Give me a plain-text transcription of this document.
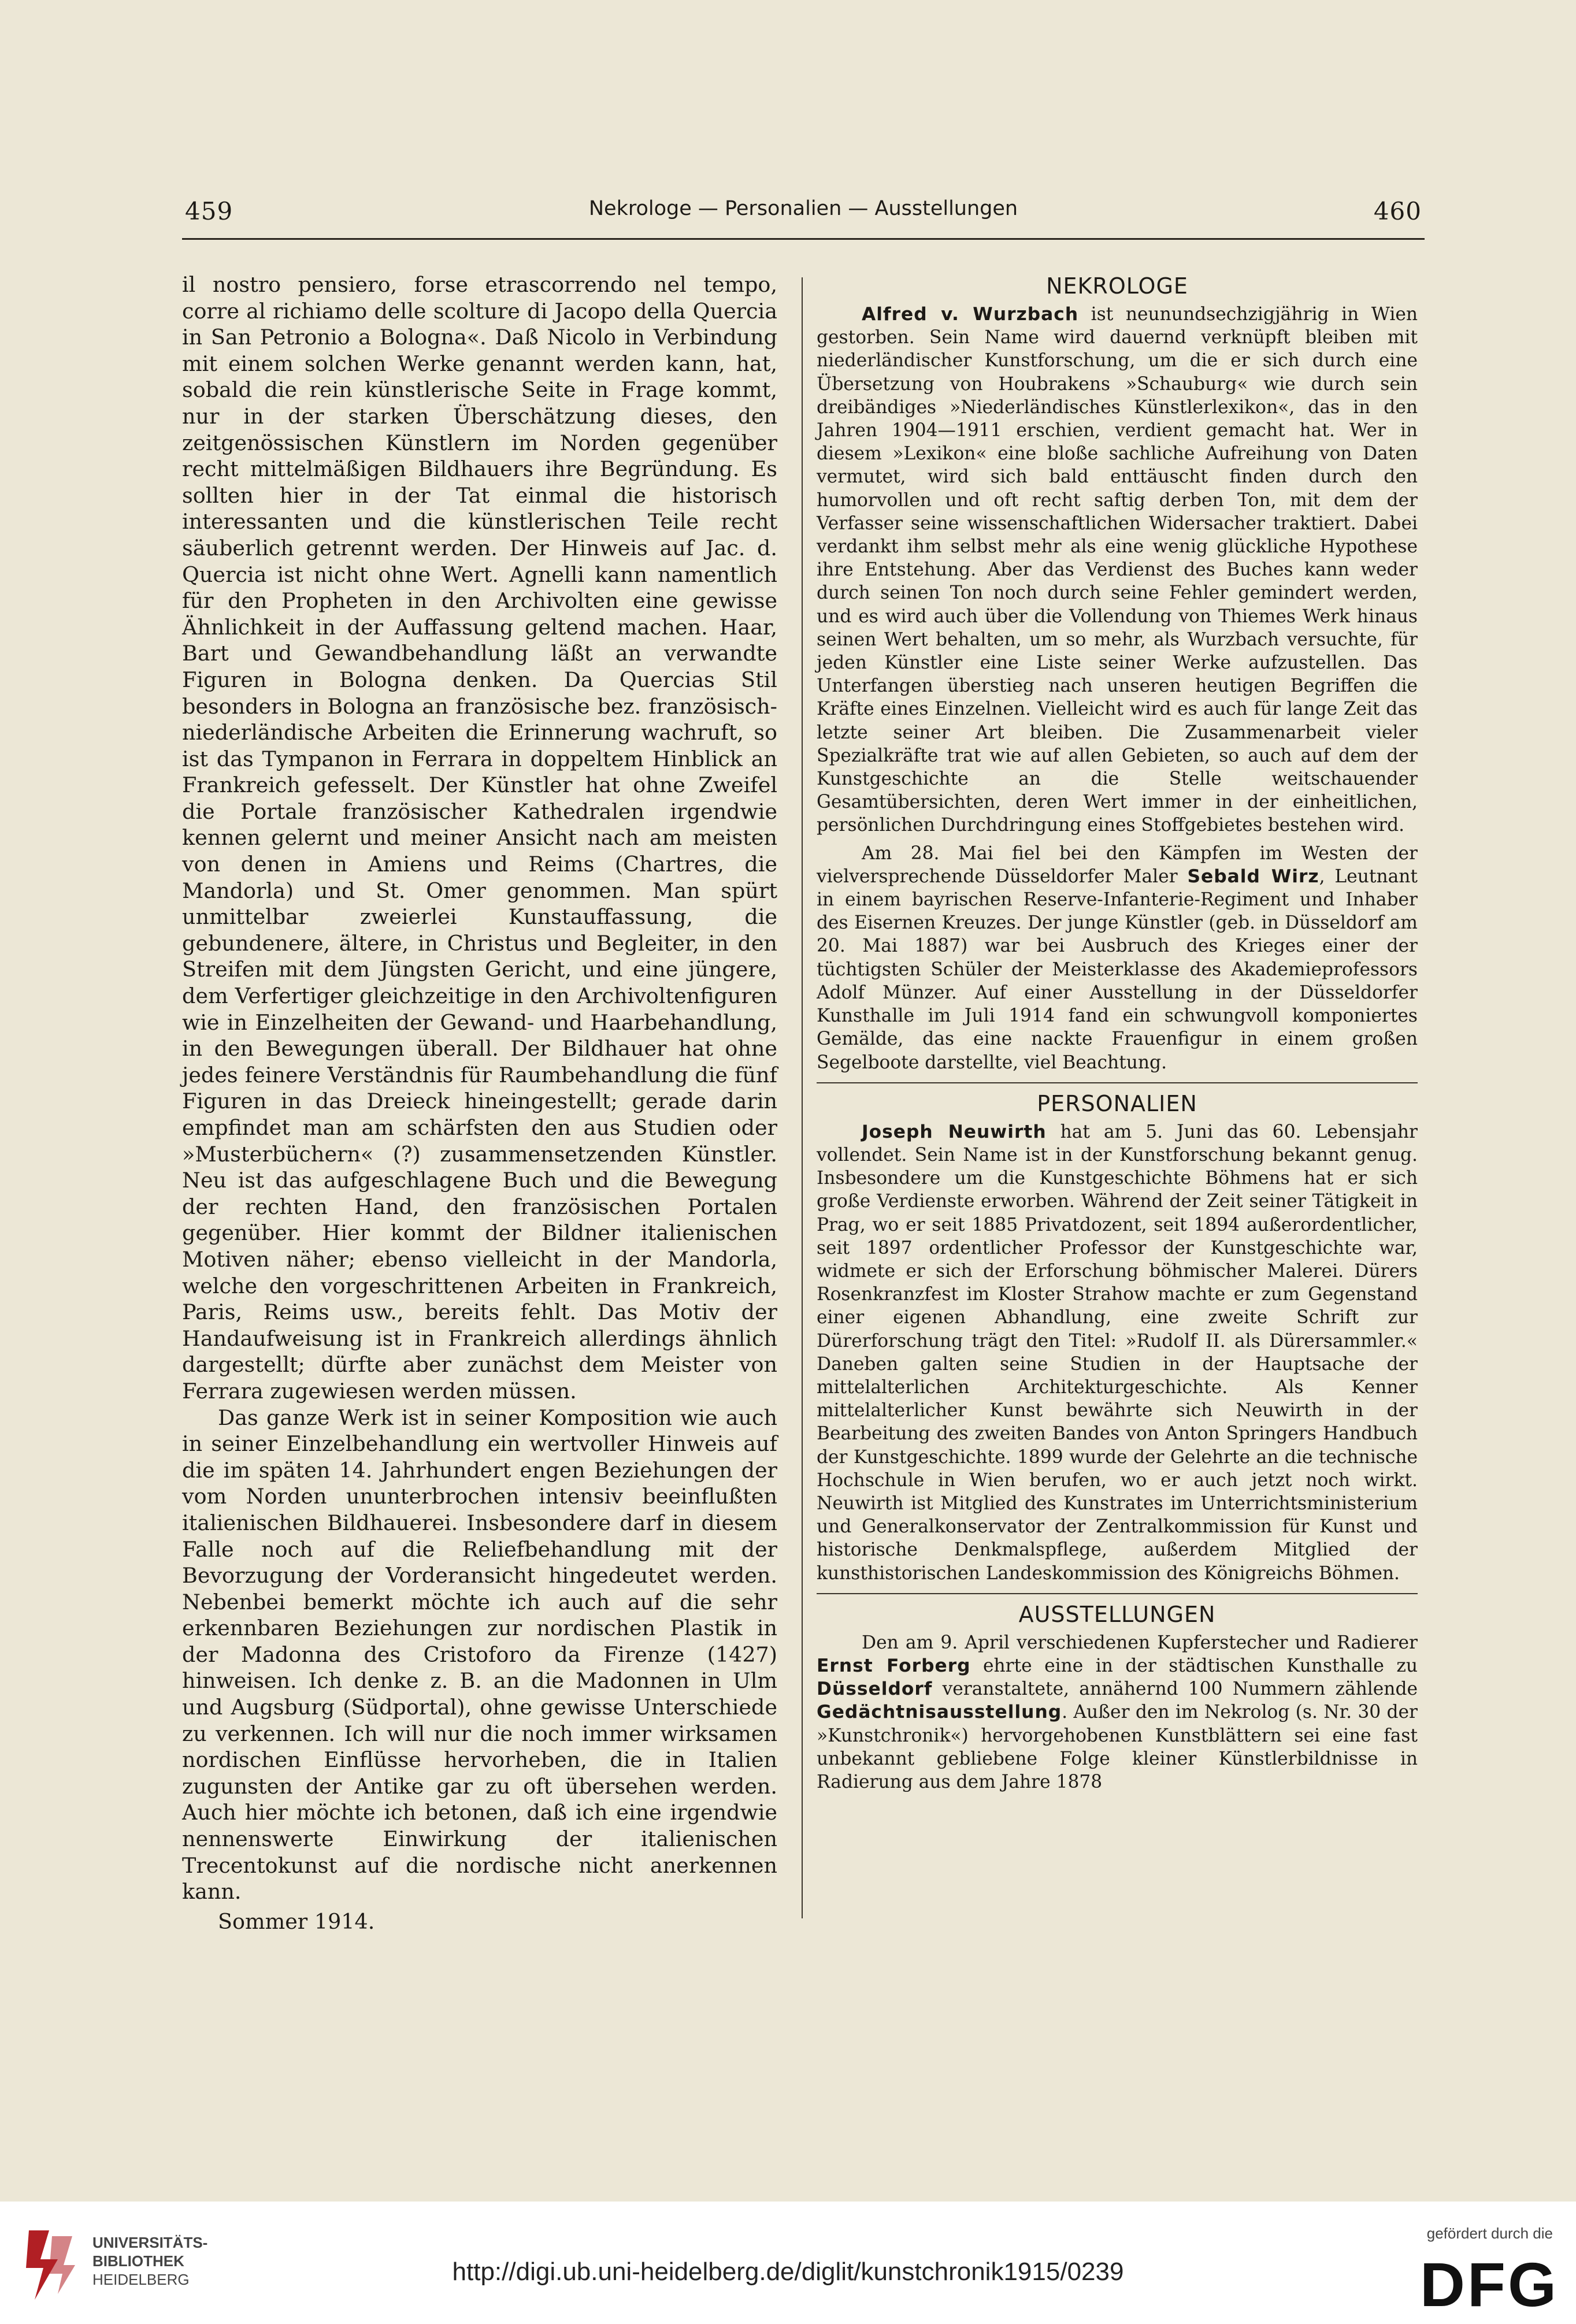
459	Nekrologe — Personalien — Ausstellungen	460

il nostro pensiero, forse etrascorrendo nel tempo, corre al richiamo delle scolture di Jacopo della Quercia in San Petronio a Bologna«. Daß Nicolo in Verbindung mit einem solchen Werke genannt werden kann, hat, sobald die rein künstlerische Seite in Frage kommt, nur in der starken Überschätzung dieses, den zeitgenössischen Künstlern im Norden gegenüber recht mittelmäßigen Bildhauers ihre Begründung. Es sollten hier in der Tat einmal die historisch interessanten und die künstlerischen Teile recht säuberlich getrennt werden. Der Hinweis auf Jac. d. Quercia ist nicht ohne Wert. Agnelli kann namentlich für den Propheten in den Archivolten eine gewisse Ähnlichkeit in der Auffassung geltend machen. Haar, Bart und Gewandbehandlung läßt an verwandte Figuren in Bologna denken. Da Quercias Stil besonders in Bologna an französische bez. französisch-niederländische Arbeiten die Erinnerung wachruft, so ist das Tympanon in Ferrara in doppeltem Hinblick an Frankreich gefesselt. Der Künstler hat ohne Zweifel die Portale französischer Kathedralen irgendwie kennen gelernt und meiner Ansicht nach am meisten von denen in Amiens und Reims (Chartres, die Mandorla) und St. Omer genommen. Man spürt unmittelbar zweierlei Kunstauffassung, die gebundenere, ältere, in Christus und Begleiter, in den Streifen mit dem Jüngsten Gericht, und eine jüngere, dem Verfertiger gleichzeitige in den Archivoltenfiguren wie in Einzelheiten der Gewand- und Haarbehandlung, in den Bewegungen überall. Der Bildhauer hat ohne jedes feinere Verständnis für Raumbehandlung die fünf Figuren in das Dreieck hineingestellt; gerade darin empfindet man am schärfsten den aus Studien oder »Musterbüchern« (?) zusammensetzenden Künstler. Neu ist das aufgeschlagene Buch und die Bewegung der rechten Hand, den französischen Portalen gegenüber. Hier kommt der Bildner italienischen Motiven näher; ebenso vielleicht in der Mandorla, welche den vorgeschrittenen Arbeiten in Frankreich, Paris, Reims usw., bereits fehlt. Das Motiv der Handaufweisung ist in Frankreich allerdings ähnlich dargestellt; dürfte aber zunächst dem Meister von Ferrara zugewiesen werden müssen.

Das ganze Werk ist in seiner Komposition wie auch in seiner Einzelbehandlung ein wertvoller Hinweis auf die im späten 14. Jahrhundert engen Beziehungen der vom Norden ununterbrochen intensiv beeinflußten italienischen Bildhauerei. Insbesondere darf in diesem Falle noch auf die Reliefbehandlung mit der Bevorzugung der Vorderansicht hingedeutet werden. Nebenbei bemerkt möchte ich auch auf die sehr erkennbaren Beziehungen zur nordischen Plastik in der Madonna des Cristoforo da Firenze (1427) hinweisen. Ich denke z. B. an die Madonnen in Ulm und Augsburg (Südportal), ohne gewisse Unterschiede zu verkennen. Ich will nur die noch immer wirksamen nordischen Einflüsse hervorheben, die in Italien zugunsten der Antike gar zu oft übersehen werden. Auch hier möchte ich betonen, daß ich eine irgendwie nennenswerte Einwirkung der italienischen Trecentokunst auf die nordische nicht anerkennen kann.

Sommer 1914.

NEKROLOGE

Alfred v. Wurzbach ist neunundsechzigjährig in Wien gestorben. Sein Name wird dauernd verknüpft bleiben mit niederländischer Kunstforschung, um die er sich durch eine Übersetzung von Houbrakens »Schauburg« wie durch sein dreibändiges »Niederländisches Künstlerlexikon«, das in den Jahren 1904—1911 erschien, verdient gemacht hat. Wer in diesem »Lexikon« eine bloße sachliche Aufreihung von Daten vermutet, wird sich bald enttäuscht finden durch den humorvollen und oft recht saftig derben Ton, mit dem der Verfasser seine wissenschaftlichen Widersacher traktiert. Dabei verdankt ihm selbst mehr als eine wenig glückliche Hypothese ihre Entstehung. Aber das Verdienst des Buches kann weder durch seinen Ton noch durch seine Fehler gemindert werden, und es wird auch über die Vollendung von Thiemes Werk hinaus seinen Wert behalten, um so mehr, als Wurzbach versuchte, für jeden Künstler eine Liste seiner Werke aufzustellen. Das Unterfangen überstieg nach unseren heutigen Begriffen die Kräfte eines Einzelnen. Vielleicht wird es auch für lange Zeit das letzte seiner Art bleiben. Die Zusammenarbeit vieler Spezialkräfte trat wie auf allen Gebieten, so auch auf dem der Kunstgeschichte an die Stelle weitschauender Gesamtübersichten, deren Wert immer in der einheitlichen, persönlichen Durchdringung eines Stoffgebietes bestehen wird.

Am 28. Mai fiel bei den Kämpfen im Westen der vielversprechende Düsseldorfer Maler Sebald Wirz, Leutnant in einem bayrischen Reserve-Infanterie-Regiment und Inhaber des Eisernen Kreuzes. Der junge Künstler (geb. in Düsseldorf am 20. Mai 1887) war bei Ausbruch des Krieges einer der tüchtigsten Schüler der Meisterklasse des Akademieprofessors Adolf Münzer. Auf einer Ausstellung in der Düsseldorfer Kunsthalle im Juli 1914 fand ein schwungvoll komponiertes Gemälde, das eine nackte Frauenfigur in einem großen Segelboote darstellte, viel Beachtung.

PERSONALIEN

Joseph Neuwirth hat am 5. Juni das 60. Lebensjahr vollendet. Sein Name ist in der Kunstforschung bekannt genug. Insbesondere um die Kunstgeschichte Böhmens hat er sich große Verdienste erworben. Während der Zeit seiner Tätigkeit in Prag, wo er seit 1885 Privatdozent, seit 1894 außerordentlicher, seit 1897 ordentlicher Professor der Kunstgeschichte war, widmete er sich der Erforschung böhmischer Malerei. Dürers Rosenkranzfest im Kloster Strahow machte er zum Gegenstand einer eigenen Abhandlung, eine zweite Schrift zur Dürerforschung trägt den Titel: »Rudolf II. als Dürersammler.« Daneben galten seine Studien in der Hauptsache der mittelalterlichen Architekturgeschichte. Als Kenner mittelalterlicher Kunst bewährte sich Neuwirth in der Bearbeitung des zweiten Bandes von Anton Springers Handbuch der Kunstgeschichte. 1899 wurde der Gelehrte an die technische Hochschule in Wien berufen, wo er auch jetzt noch wirkt. Neuwirth ist Mitglied des Kunstrates im Unterrichtsministerium und Generalkonservator der Zentralkommission für Kunst und historische Denkmalspflege, außerdem Mitglied der kunsthistorischen Landeskommission des Königreichs Böhmen.

AUSSTELLUNGEN

Den am 9. April verschiedenen Kupferstecher und Radierer Ernst Forberg ehrte eine in der städtischen Kunsthalle zu Düsseldorf veranstaltete, annähernd 100 Nummern zählende Gedächtnisausstellung. Außer den im Nekrolog (s. Nr. 30 der »Kunstchronik«) hervorgehobenen Kunstblättern sei eine fast unbekannt gebliebene Folge kleiner Künstlerbildnisse in Radierung aus dem Jahre 1878

UNIVERSITÄTS-
BIBLIOTHEK
HEIDELBERG	http://digi.ub.uni-heidelberg.de/diglit/kunstchronik1915/0239
gefördert durch die
DFG
